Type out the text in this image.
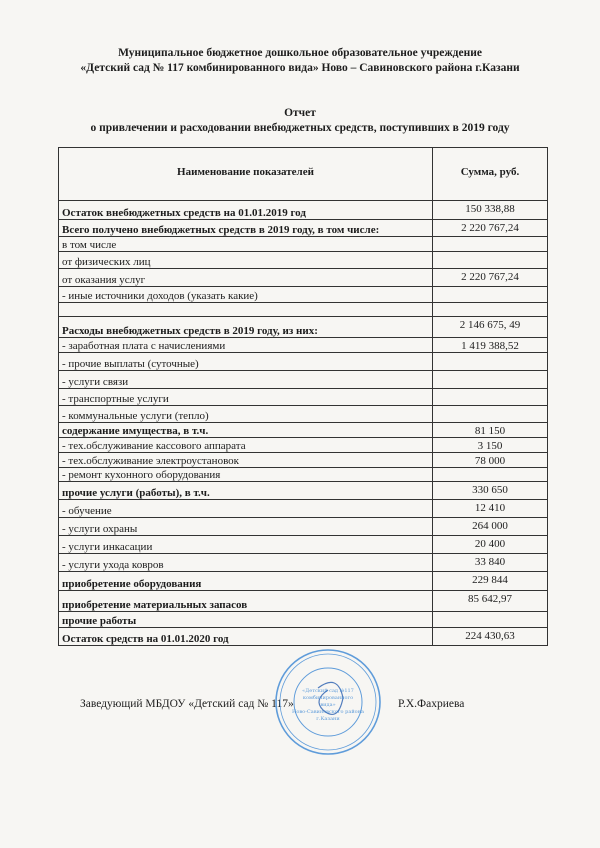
Муниципальное бюджетное дошкольное образовательное учреждение
«Детский сад № 117 комбинированного вида» Ново – Савиновского района г.Казани
Отчет
о привлечении и расходовании внебюджетных средств, поступивших в 2019 году
Наименование показателей	Сумма, руб.
Остаток внебюджетных средств на 01.01.2019 год	150 338,88
Всего получено внебюджетных средств в 2019 году, в том числе:	2 220 767,24
в том числе	
от физических лиц	
от оказания услуг	2 220 767,24
- иные источники доходов (указать какие)	

Расходы внебюджетных средств в 2019 году, из них:	2 146 675, 49
- заработная плата с начислениями	1 419 388,52
- прочие выплаты (суточные)	
- услуги связи	
- транспортные услуги	
- коммунальные услуги (тепло)	
содержание имущества, в т.ч.	81 150
- тех.обслуживание кассового аппарата	3 150
- тех.обслуживание электроустановок	78 000
- ремонт кухонного оборудования	
прочие услуги (работы), в т.ч.	330 650
- обучение	12 410
- услуги охраны	264 000
- услуги инкасации	20 400
- услуги ухода ковров	33 840
приобретение оборудования	229 844
приобретение материальных запасов	85 642,97
прочие работы	
Остаток средств на 01.01.2020 год	224 430,63
Заведующий МБДОУ «Детский сад № 117»	Р.Х.Фахриева
«Детский сад №117
комбинированного
вида»
Ново-Савиновского района
г.Казани
